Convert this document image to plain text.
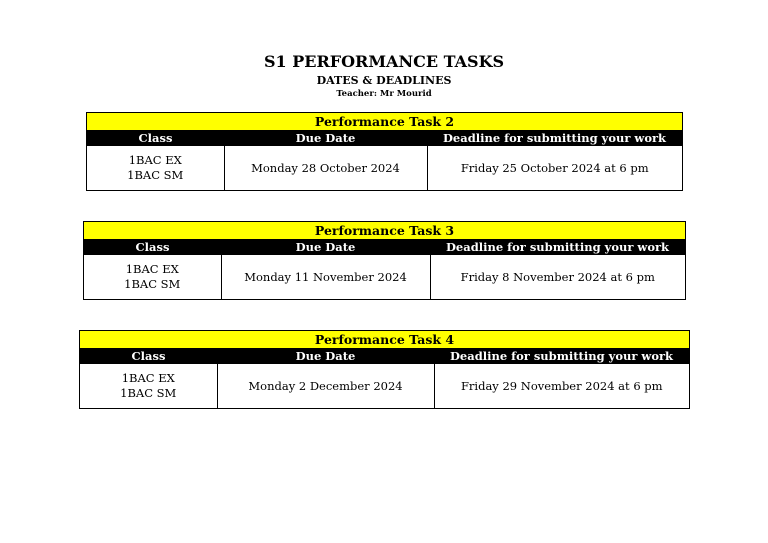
S1 PERFORMANCE TASKS
DATES & DEADLINES
Teacher: Mr Mourid
Performance Task 2
Class	Due Date	Deadline for submitting your work

1BAC EX
1BAC SM	Monday 28 October 2024	Friday 25 October 2024 at 6 pm
Performance Task 3
Class	Due Date	Deadline for submitting your work

1BAC EX
1BAC SM	Monday 11 November 2024	Friday 8 November 2024 at 6 pm
Performance Task 4
Class	Due Date	Deadline for submitting your work

1BAC EX
1BAC SM	Monday 2 December 2024	Friday 29 November 2024 at 6 pm
